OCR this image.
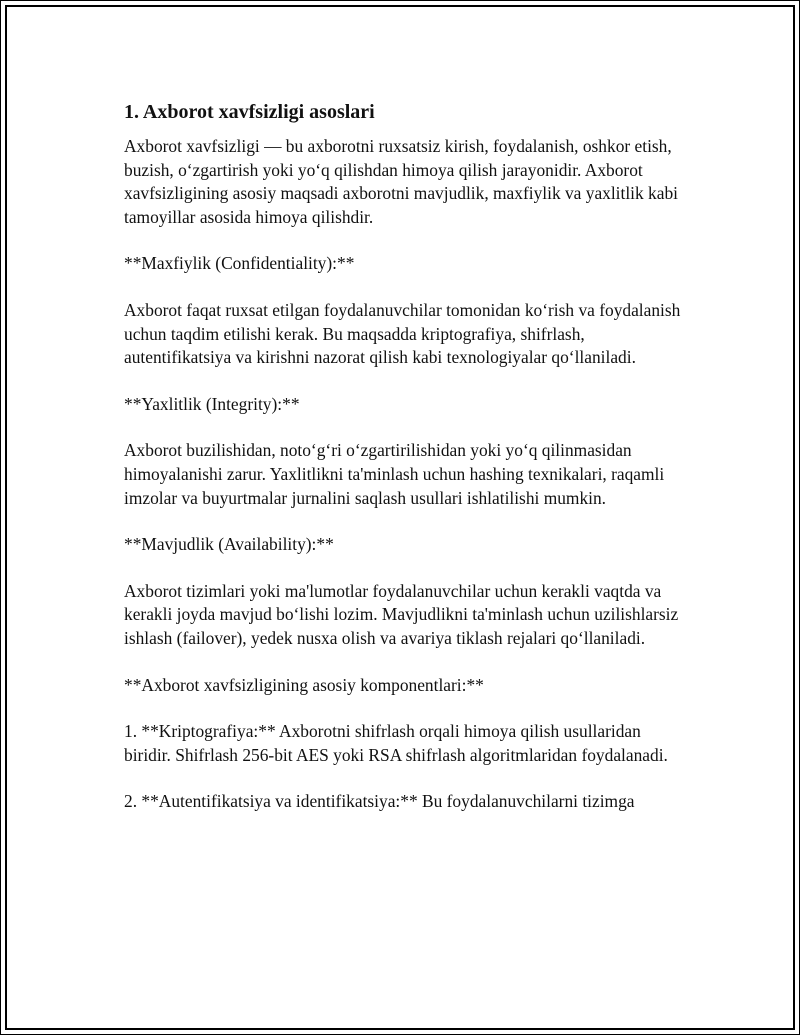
1. Axborot xavfsizligi asoslari

Axborot xavfsizligi — bu axborotni ruxsatsiz kirish, foydalanish, oshkor etish, buzish, o‘zgartirish yoki yo‘q qilishdan himoya qilish jarayonidir. Axborot xavfsizligining asosiy maqsadi axborotni mavjudlik, maxfiylik va yaxlitlik kabi tamoyillar asosida himoya qilishdir.

**Maxfiylik (Confidentiality):**

Axborot faqat ruxsat etilgan foydalanuvchilar tomonidan ko‘rish va foydalanish uchun taqdim etilishi kerak. Bu maqsadda kriptografiya, shifrlash, autentifikatsiya va kirishni nazorat qilish kabi texnologiyalar qo‘llaniladi.

**Yaxlitlik (Integrity):**

Axborot buzilishidan, noto‘g‘ri o‘zgartirilishidan yoki yo‘q qilinmasidan himoyalanishi zarur. Yaxlitlikni ta'minlash uchun hashing texnikalari, raqamli imzolar va buyurtmalar jurnalini saqlash usullari ishlatilishi mumkin.

**Mavjudlik (Availability):**

Axborot tizimlari yoki ma'lumotlar foydalanuvchilar uchun kerakli vaqtda va kerakli joyda mavjud bo‘lishi lozim. Mavjudlikni ta'minlash uchun uzilishlarsiz ishlash (failover), yedek nusxa olish va avariya tiklash rejalari qo‘llaniladi.

**Axborot xavfsizligining asosiy komponentlari:**

1. **Kriptografiya:** Axborotni shifrlash orqali himoya qilish usullaridan biridir. Shifrlash 256-bit AES yoki RSA shifrlash algoritmlaridan foydalanadi.

2. **Autentifikatsiya va identifikatsiya:** Bu foydalanuvchilarni tizimga
